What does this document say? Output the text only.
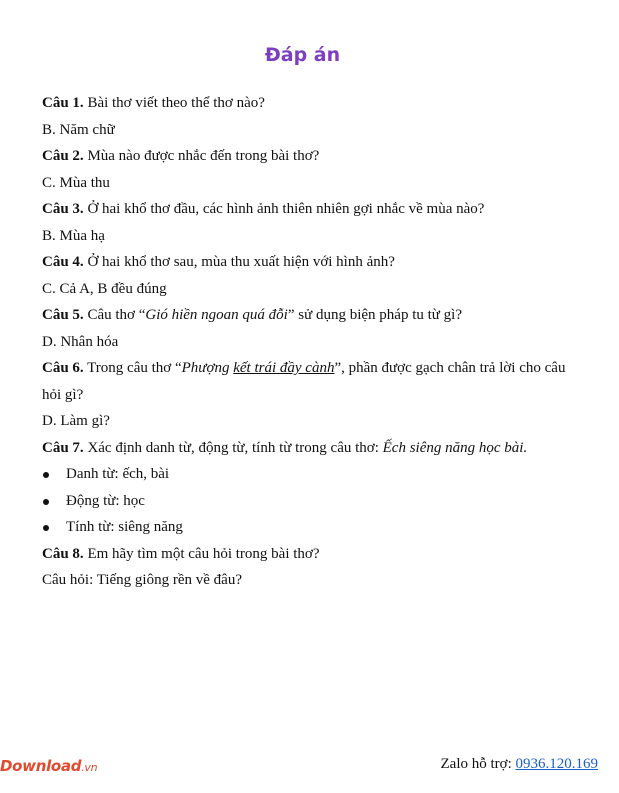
Đáp án

Câu 1. Bài thơ viết theo thể thơ nào?

B. Năm chữ

Câu 2. Mùa nào được nhắc đến trong bài thơ?

C. Mùa thu

Câu 3. Ở hai khổ thơ đầu, các hình ảnh thiên nhiên gợi nhắc về mùa nào?

B. Mùa hạ

Câu 4. Ở hai khổ thơ sau, mùa thu xuất hiện với hình ảnh?

C. Cả A, B đều đúng

Câu 5. Câu thơ “Gió hiền ngoan quá đỗi” sử dụng biện pháp tu từ gì?

D. Nhân hóa

Câu 6. Trong câu thơ “Phượng kết trái đầy cành”, phần được gạch chân trả lời cho câu hỏi gì?

D. Làm gì?

Câu 7. Xác định danh từ, động từ, tính từ trong câu thơ: Ếch siêng năng học bài.

Danh từ: ếch, bài
Động từ: học
Tính từ: siêng năng

Câu 8. Em hãy tìm một câu hỏi trong bài thơ?

Câu hỏi: Tiếng giông rền về đâu?

Download.vn	Zalo hỗ trợ: 0936.120.169
